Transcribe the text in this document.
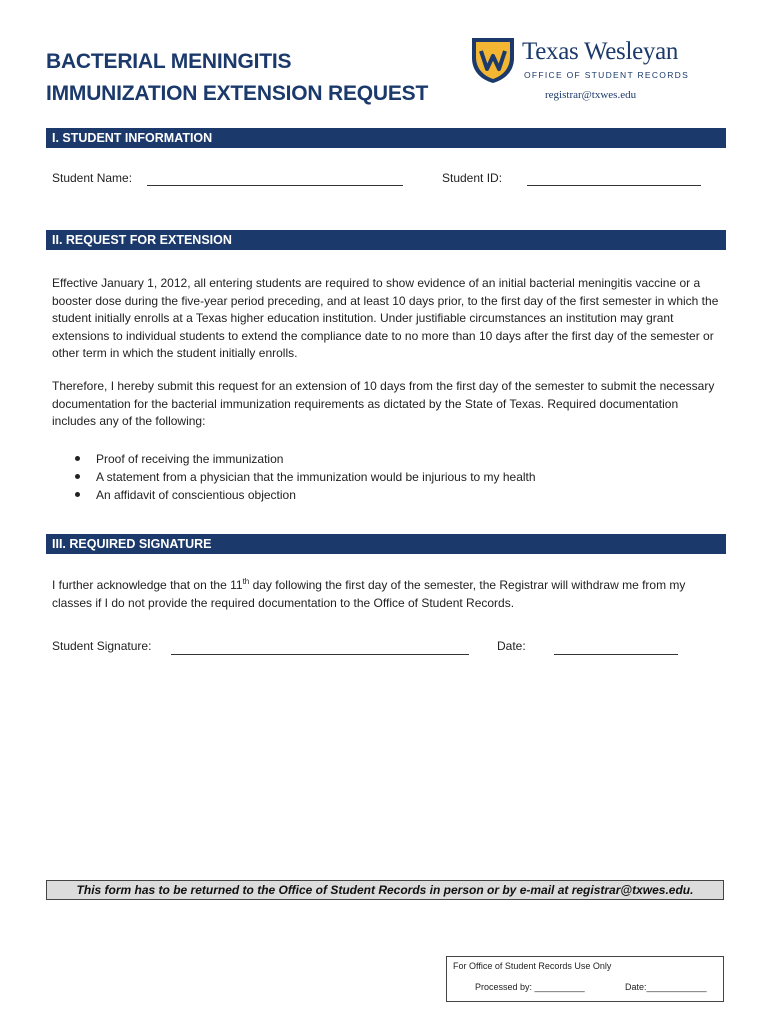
BACTERIAL MENINGITIS
IMMUNIZATION EXTENSION REQUEST
Texas Wesleyan
OFFICE OF STUDENT RECORDS
registrar@txwes.edu
I. STUDENT INFORMATION
Student Name:	Student ID:
II. REQUEST FOR EXTENSION
Effective January 1, 2012, all entering students are required to show evidence of an initial bacterial meningitis vaccine or a booster dose during the five-year period preceding, and at least 10 days prior, to the first day of the first semester in which the student initially enrolls at a Texas higher education institution. Under justifiable circumstances an institution may grant extensions to individual students to extend the compliance date to no more than 10 days after the first day of the semester or other term in which the student initially enrolls.
Therefore, I hereby submit this request for an extension of 10 days from the first day of the semester to submit the necessary documentation for the bacterial immunization requirements as dictated by the State of Texas. Required documentation includes any of the following:
Proof of receiving the immunization
A statement from a physician that the immunization would be injurious to my health
An affidavit of conscientious objection
III. REQUIRED SIGNATURE
I further acknowledge that on the 11th day following the first day of the semester, the Registrar will withdraw me from my classes if I do not provide the required documentation to the Office of Student Records.
Student Signature:	Date:
This form has to be returned to the Office of Student Records in person or by e-mail at registrar@txwes.edu.
For Office of Student Records Use Only
Processed by: __________	Date:____________
